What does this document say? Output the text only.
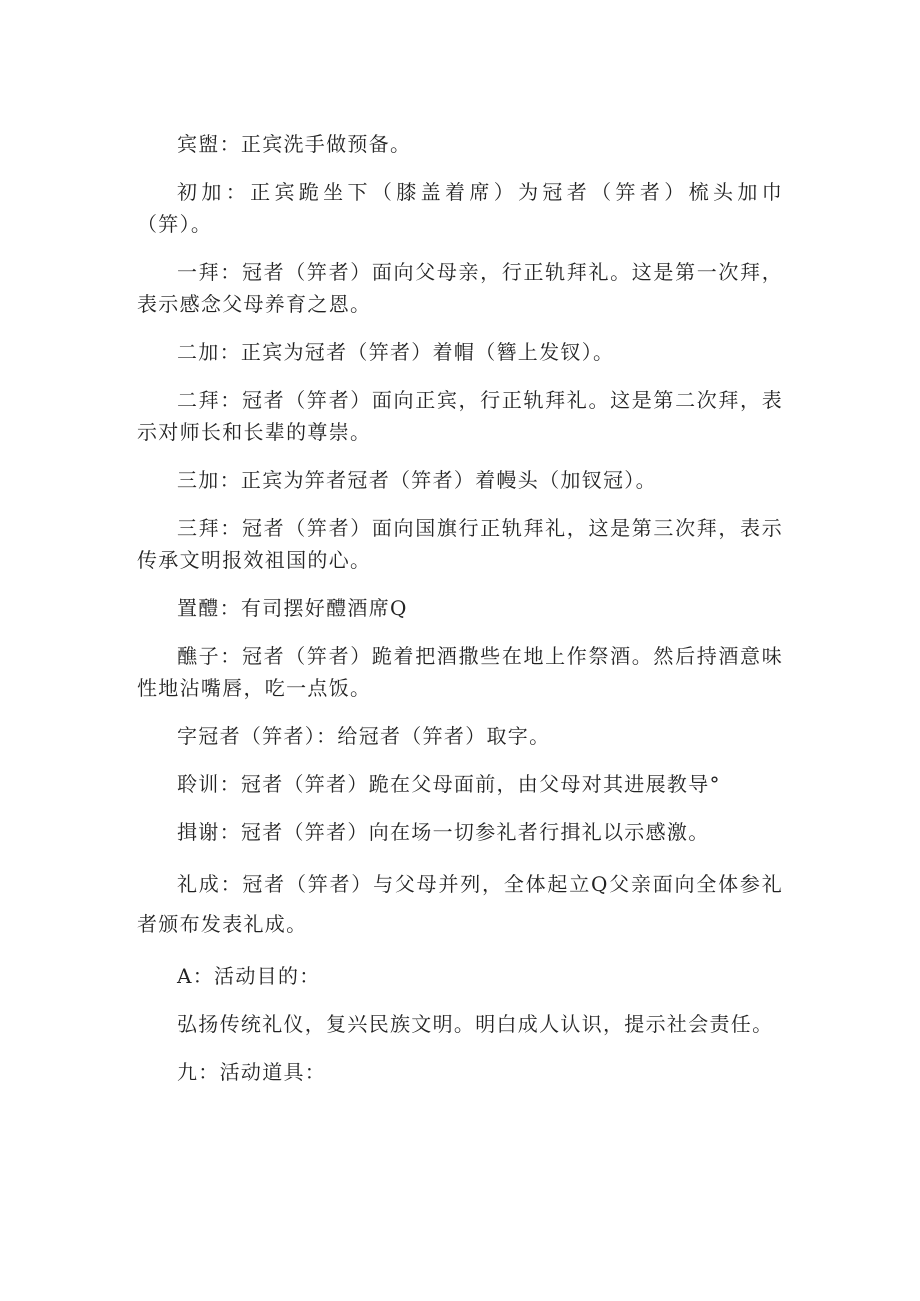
宾盥：正宾洗手做预备。

初加：正宾跪坐下（膝盖着席）为冠者（笄者）梳头加巾（笄）。

一拜：冠者（笄者）面向父母亲，行正轨拜礼。这是第一次拜，表示感念父母养育之恩。

二加：正宾为冠者（笄者）着帽（簪上发钗）。

二拜：冠者（笄者）面向正宾，行正轨拜礼。这是第二次拜，表示对师长和长辈的尊崇。

三加：正宾为笄者冠者（笄者）着幔头（加钗冠）。

三拜：冠者（笄者）面向国旗行正轨拜礼，这是第三次拜，表示传承文明报效祖国的心。

置醴：有司摆好醴酒席Q

醮子：冠者（笄者）跪着把酒撒些在地上作祭酒。然后持酒意味性地沾嘴唇，吃一点饭。

字冠者（笄者）：给冠者（笄者）取字。

聆训：冠者（笄者）跪在父母面前，由父母对其进展教导°

揖谢：冠者（笄者）向在场一切参礼者行揖礼以示感激。

礼成：冠者（笄者）与父母并列，全体起立Q父亲面向全体参礼者颁布发表礼成。

A：活动目的：

弘扬传统礼仪，复兴民族文明。明白成人认识，提示社会责任。

九：活动道具：
